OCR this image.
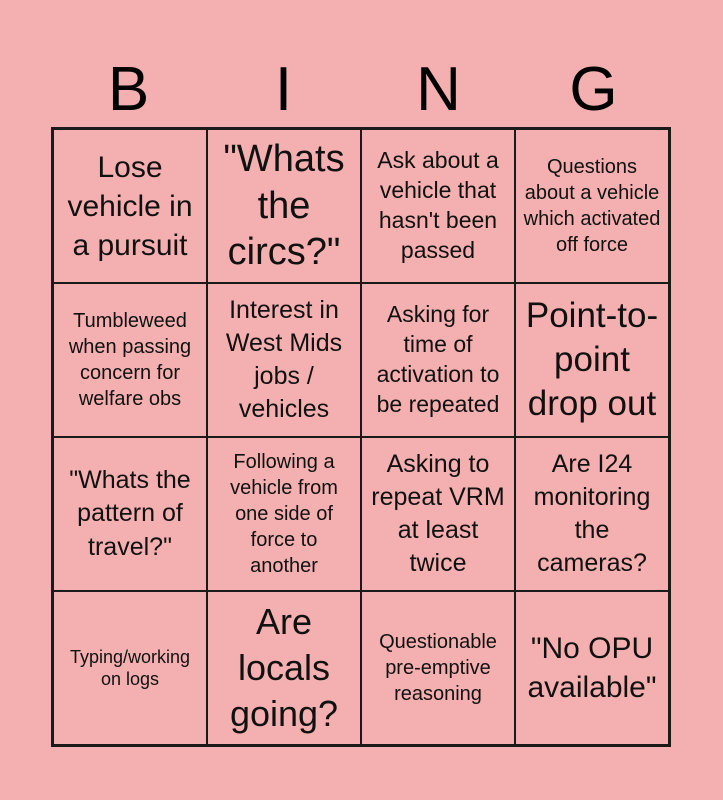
B	I	N	G
Lose vehicle in a pursuit
"Whats the circs?"
Ask about a vehicle that hasn't been passed
Questions about a vehicle which activated off force
Tumbleweed when passing concern for welfare obs
Interest in West Mids jobs / vehicles
Asking for time of activation to be repeated
Point-to-point drop out
"Whats the pattern of travel?"
Following a vehicle from one side of force to another
Asking to repeat VRM at least twice
Are I24 monitoring the cameras?
Typing/working on logs
Are locals going?
Questionable pre-emptive reasoning
"No OPU available"
